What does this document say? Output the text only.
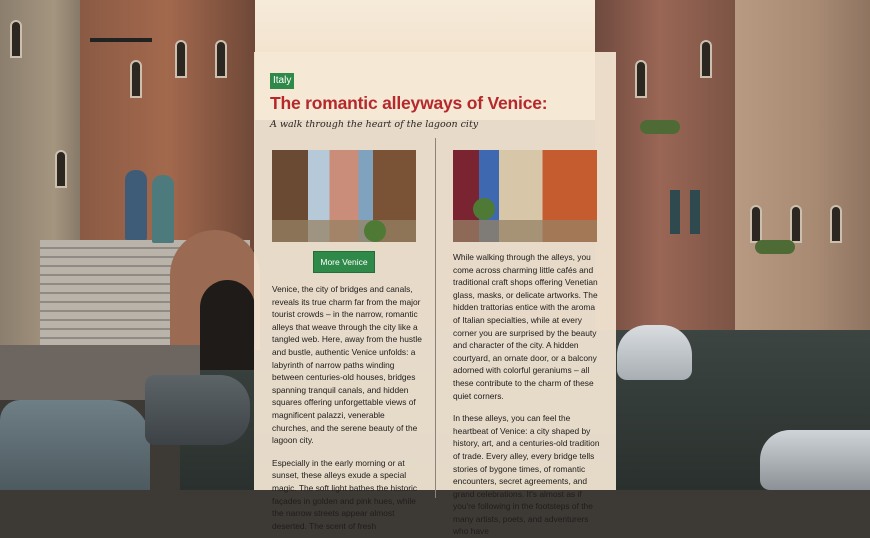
Italy
The romantic alleyways of Venice:

A walk through the heart of the lagoon city

More Venice

Venice, the city of bridges and canals, reveals its true charm far from the major tourist crowds – in the narrow, romantic alleys that weave through the city like a tangled web. Here, away from the hustle and bustle, authentic Venice unfolds: a labyrinth of narrow paths winding between centuries-old houses, bridges spanning tranquil canals, and hidden squares offering unforgettable views of magnificent palazzi, venerable churches, and the serene beauty of the lagoon city.

Especially in the early morning or at sunset, these alleys exude a special magic. The soft light bathes the historic façades in golden and pink hues, while the narrow streets appear almost deserted. The scent of fresh

While walking through the alleys, you come across charming little cafés and traditional craft shops offering Venetian glass, masks, or delicate artworks. The hidden trattorias entice with the aroma of Italian specialties, while at every corner you are surprised by the beauty and character of the city. A hidden courtyard, an ornate door, or a balcony adorned with colorful geraniums – all these contribute to the charm of these quiet corners.

In these alleys, you can feel the heartbeat of Venice: a city shaped by history, art, and a centuries-old tradition of trade. Every alley, every bridge tells stories of bygone times, of romantic encounters, secret agreements, and grand celebrations. It's almost as if you're following in the footsteps of the many artists, poets, and adventurers who have
